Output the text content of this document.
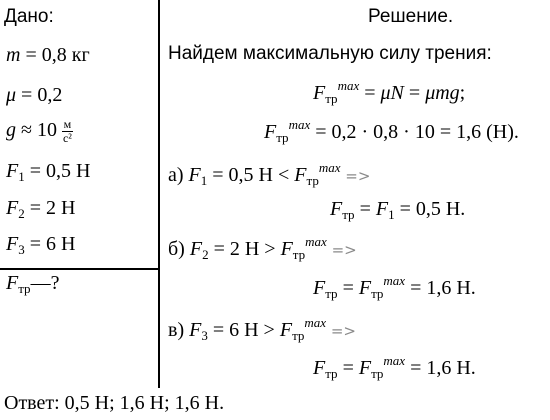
Дано:
m = 0,8 кг
μ = 0,2
$g \approx 10 \frac{м}{\text{с²}}$
$F_1 = 0,5$ Н
$F_2 = 2$ Н
$F_3 = 6$ Н
$F_{тр}—$?
Решение.
Найдем максимальную силу трения:
$F_{тр}^{max} = \mu N = \mu mg$;
$F_{тр}^{max} = 0,2 \cdot 0,8 \cdot 10 = 1,6$ (Н).
а) $F_1 = 0,5$ $Н < F_{тр}^{max}$ =>
$F_{тр} = F_1 = 0,5$ Н.
б) $F_2 = 2$ $Н > F_{тр}^{max}$ =>
$F_{тр} = F_{тр}^{max} = 1,6$ Н.
в) $F_3 = 6$ $Н > F_{тр}^{max}$ =>
$F_{тр} = F_{тр}^{max} = 1,6$ Н.
Ответ: 0,5 Н; 1,6 Н; 1,6 Н.
